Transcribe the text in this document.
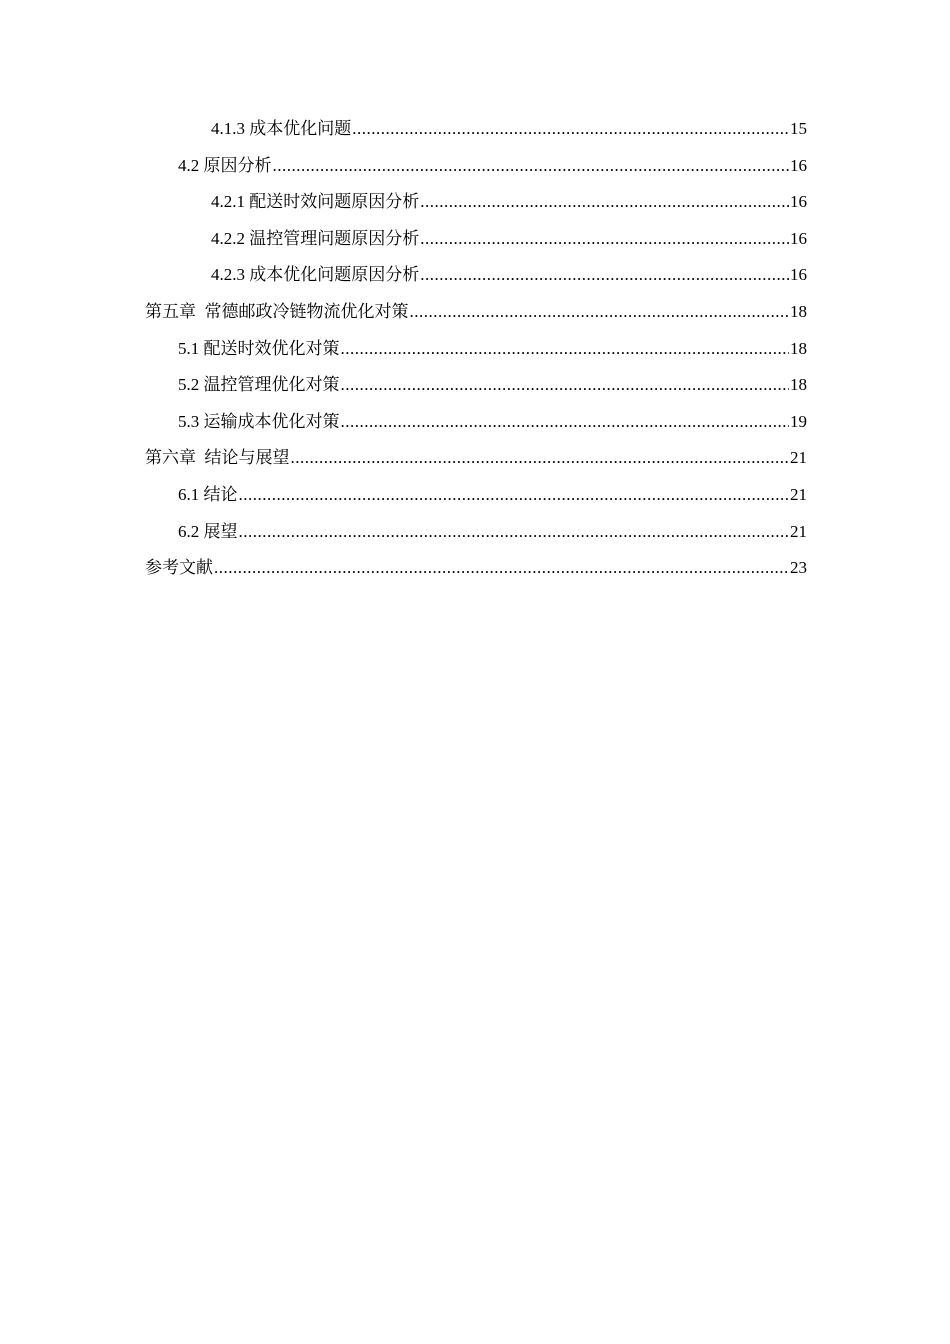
4.1.3 成本优化问题 .....	15
4.2 原因分析 .....	16
4.2.1 配送时效问题原因分析 .....	16
4.2.2 温控管理问题原因分析 .....	16
4.2.3 成本优化问题原因分析 .....	16
第五章  常德邮政冷链物流优化对策 .....	18
5.1 配送时效优化对策 .....	18
5.2 温控管理优化对策 .....	18
5.3 运输成本优化对策 .....	19
第六章  结论与展望 .....	21
6.1 结论 .....	21
6.2 展望 .....	21
参考文献 .....	23
